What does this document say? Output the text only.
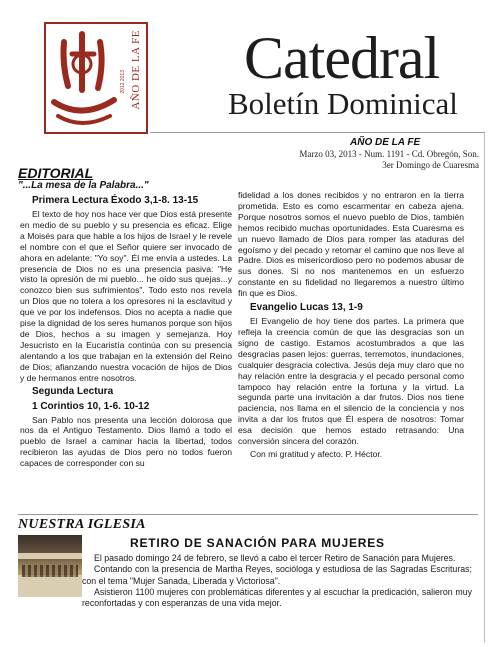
AÑO DE LA FE
2012 2013 Catedral
Boletín Dominical
AÑO DE LA FE
Marzo 03, 2013 - Num. 1191 - Cd. Obregón, Son.
3er Domingo de Cuaresma
EDITORIAL
"...La mesa de la Palabra..."
Primera Lectura Éxodo 3,1-8. 13-15

El texto de hoy nos hace ver que Dios está presente en medio de su pueblo y su presencia es eficaz. Elige a Moisés para que hable a los hijos de Israel y le revele el nombre con el que el Señor quiere ser invocado de ahora en adelante: "Yo soy". Él me envía a ustedes. La presencia de Dios no es una presencia pasiva: "He visto la opresión de mi pueblo... he oído sus quejas...y conozco bien sus sufrimientos". Todo esto nos revela un Dios que no tolera a los opresores ni la esclavitud y que ve por los indefensos. Dios no acepta a nadie que pise la dignidad de los seres humanos porque son hijos de Dios, hechos a su imagen y semejanza. Hoy Jesucristo en la Eucaristía continúa con su presencia alentando a los que trabajan en la extensión del Reino de Dios; afianzando nuestra vocación de hijos de Dios y de hermanos entre nosotros.

Segunda Lectura
1 Corintios 10, 1-6. 10-12

San Pablo nos presenta una lección dolorosa que nos da el Antiguo Testamento. Dios llamó a todo el pueblo de Israel a caminar hacia la libertad, todos recibieron las ayudas de Dios pero no todos fueron capaces de corresponder con su

fidelidad a los dones recibidos y no entraron en la tierra prometida. Esto es como escarmentar en cabeza ajena. Porque nosotros somos el nuevo pueblo de Dios, también hemos recibido muchas oportunidades. Esta Cuaresma es un nuevo llamado de Dios para romper las ataduras del egoísmo y del pecado y retomar el camino que nos lleve al Padre. Dios es misericordioso pero no podemos abusar de sus dones. Si no nos mantenemos en un esfuerzo constante en su fidelidad no llegaremos a nuestro último fin que es Dios.

Evangelio Lucas 13, 1-9

El Evangelio de hoy tiene dos partes. La primera que refleja la creencia común de que las desgracias son un signo de castigo. Estamos acostumbrados a que las desgracias pasen lejos: guerras, terremotos, inundaciones, cualquier desgracia colectiva. Jesús deja muy claro que no hay relación entre la desgracia y el pecado personal como tampoco hay relación entre la fortuna y la virtud. La segunda parte una invitación a dar frutos. Dios nos tiene paciencia, nos llama en el silencio de la conciencia y nos invita a dar los frutos que Él espera de nosotros: Tomar esa decisión que hemos estado retrasando: Una conversión sincera del corazón.

Con mi gratitud y afecto. P. Héctor.
NUESTRA IGLESIA
RETIRO DE SANACIÓN PARA MUJERES

El pasado domingo 24 de febrero, se llevó a cabo el tercer Retiro de Sanación para Mujeres.

Contando con la presencia de Martha Reyes, socióloga y estudiosa de las Sagradas Escrituras; con el tema "Mujer Sanada, Liberada y Victoriosa".

Asistieron 1100 mujeres con problemáticas diferentes y al escuchar la predicación, salieron muy reconfortadas y con esperanzas de una vida mejor.
